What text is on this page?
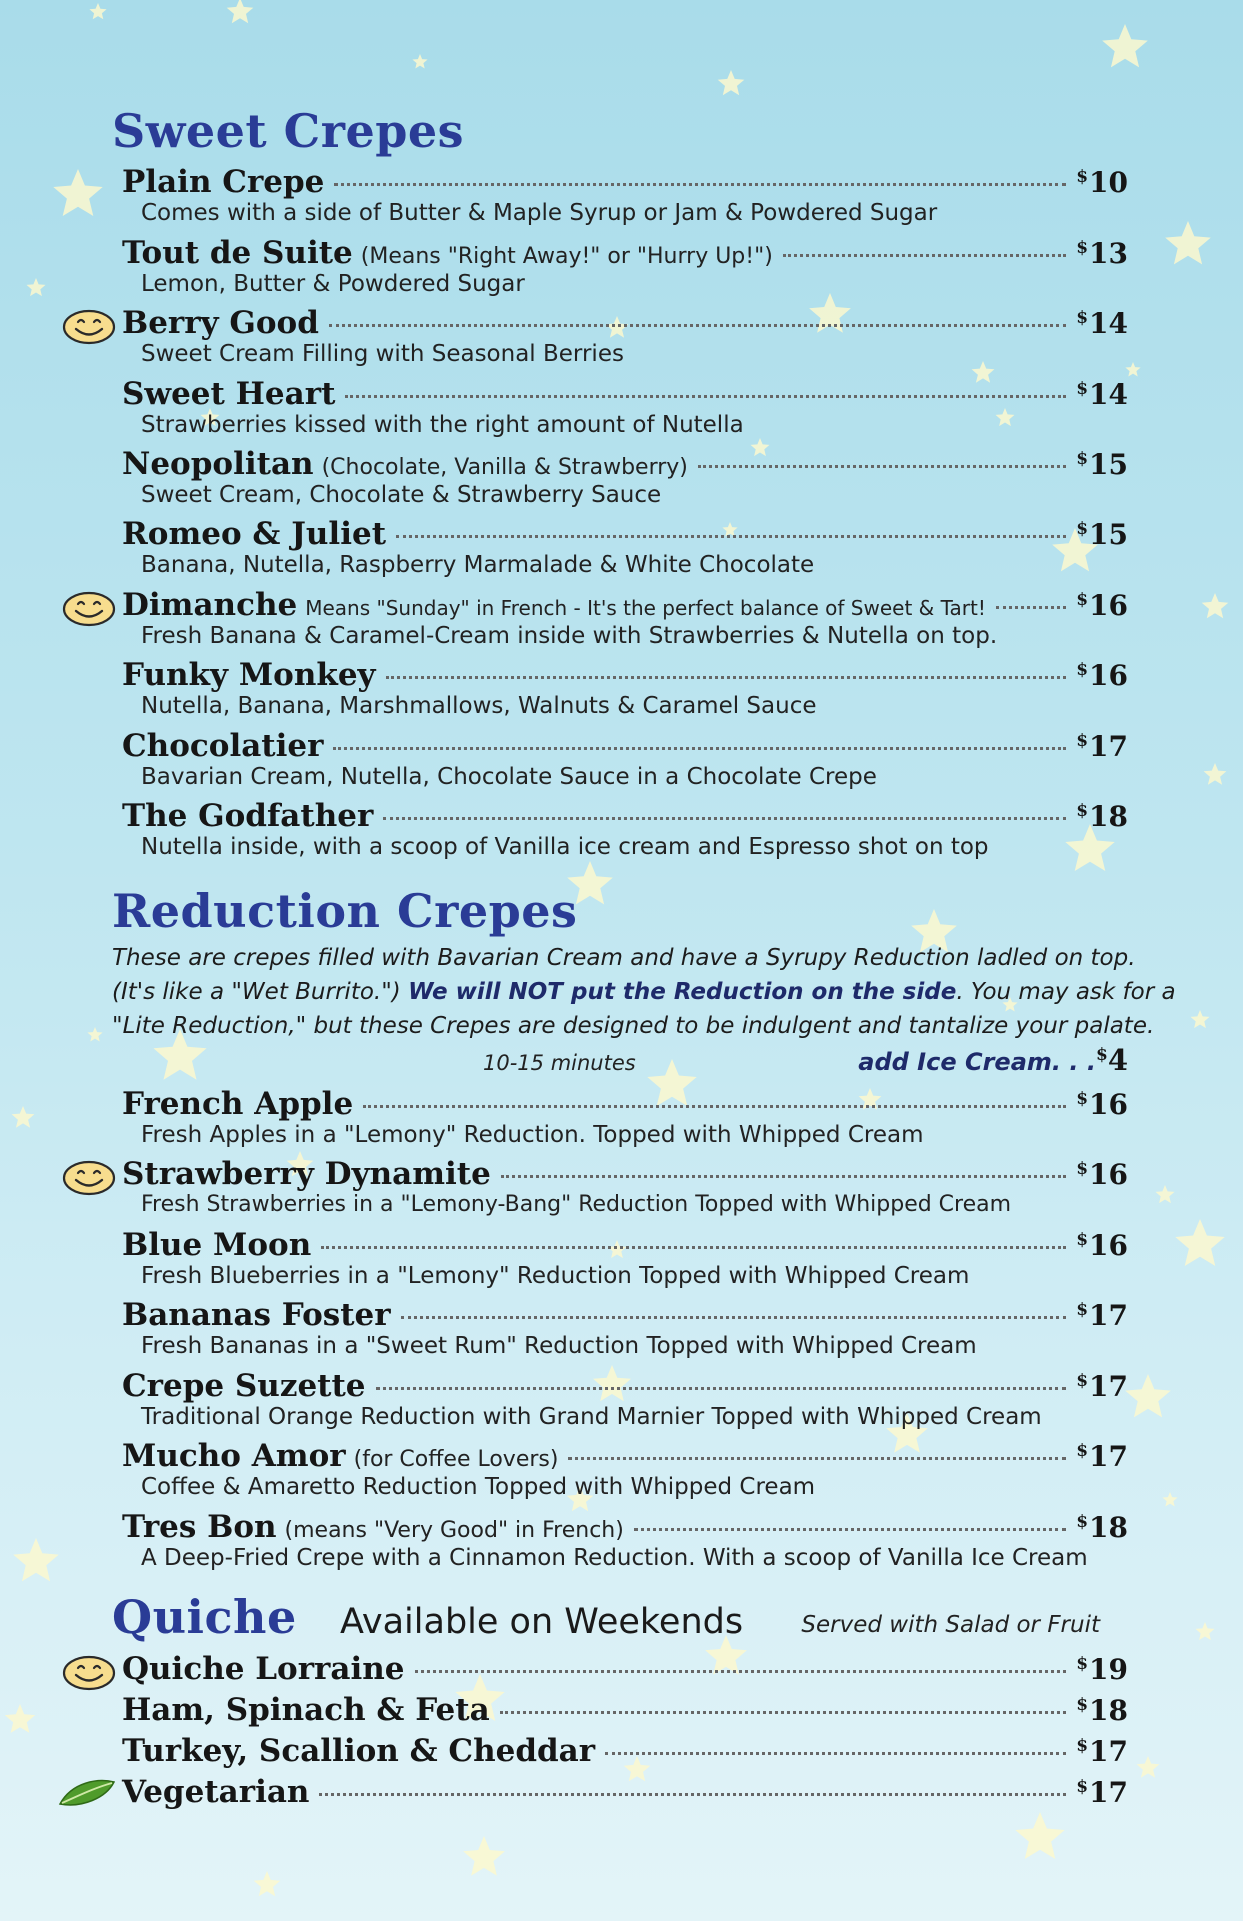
Sweet Crepes
Plain Crepe	$10
Comes with a side of Butter & Maple Syrup or Jam & Powdered Sugar
Tout de Suite (Means "Right Away!" or "Hurry Up!")	$13
Lemon, Butter & Powdered Sugar
Berry Good	$14
Sweet Cream Filling with Seasonal Berries
Sweet Heart	$14
Strawberries kissed with the right amount of Nutella
Neopolitan (Chocolate, Vanilla & Strawberry)	$15
Sweet Cream, Chocolate & Strawberry Sauce
Romeo & Juliet	$15
Banana, Nutella, Raspberry Marmalade & White Chocolate
Dimanche Means "Sunday" in French - It's the perfect balance of Sweet & Tart!	$16
Fresh Banana & Caramel-Cream inside with Strawberries & Nutella on top.
Funky Monkey	$16
Nutella, Banana, Marshmallows, Walnuts & Caramel Sauce
Chocolatier	$17
Bavarian Cream, Nutella, Chocolate Sauce in a Chocolate Crepe
The Godfather	$18
Nutella inside, with a scoop of Vanilla ice cream and Espresso shot on top
Reduction Crepes
These are crepes filled with Bavarian Cream and have a Syrupy Reduction ladled on top.
(It's like a "Wet Burrito.") We will NOT put the Reduction on the side. You may ask for a
"Lite Reduction," but these Crepes are designed to be indulgent and tantalize your palate.
10-15 minutes	add Ice Cream. . .$4
French Apple	$16
Fresh Apples in a "Lemony" Reduction. Topped with Whipped Cream
Strawberry Dynamite	$16
Fresh Strawberries in a "Lemony-Bang" Reduction Topped with Whipped Cream
Blue Moon	$16
Fresh Blueberries in a "Lemony" Reduction Topped with Whipped Cream
Bananas Foster	$17
Fresh Bananas in a "Sweet Rum" Reduction Topped with Whipped Cream
Crepe Suzette	$17
Traditional Orange Reduction with Grand Marnier Topped with Whipped Cream
Mucho Amor (for Coffee Lovers)	$17
Coffee & Amaretto Reduction Topped with Whipped Cream
Tres Bon (means "Very Good" in French)	$18
A Deep-Fried Crepe with a Cinnamon Reduction. With a scoop of Vanilla Ice Cream
Quiche Available on Weekends	Served with Salad or Fruit
Quiche Lorraine	$19
Ham, Spinach & Feta	$18
Turkey, Scallion & Cheddar	$17
Vegetarian	$17
